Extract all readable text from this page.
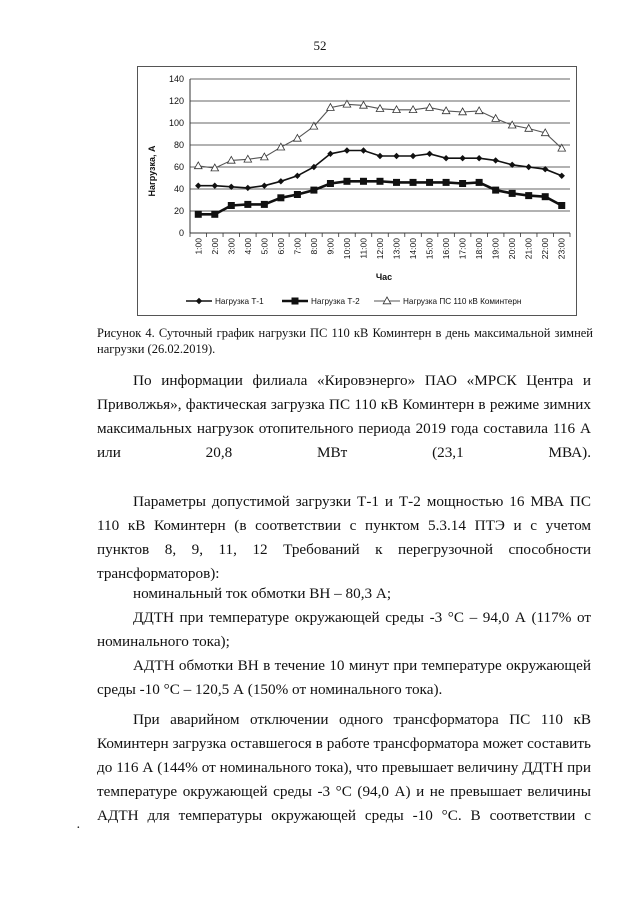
52
0
20
40
60
80
100
120
140
1:00 2:00 3:00 4:00 5:00 6:00 7:00 8:00 9:00 10:00 11:00 12:00 13:00 14:00 15:00 16:00 17:00 18:00 19:00 20:00 21:00 22:00 23:00
Нагрузка, А
Час
Нагрузка Т-1	Нагрузка Т-2	Нагрузка ПС 110 кВ Коминтерн
Рисунок 4. Суточный график нагрузки ПС 110 кВ Коминтерн в день максимальной зимней нагрузки (26.02.2019).
По информации филиала «Кировэнерго» ПАО «МРСК Центра и Приволжья», фактическая загрузка ПС 110 кВ Коминтерн в режиме зимних максимальных нагрузок отопительного периода 2019 года составила 116 А или 20,8 МВт (23,1 МВА).
Параметры допустимой загрузки Т-1 и Т-2 мощностью 16 МВА ПС 110 кВ Коминтерн (в соответствии с пунктом 5.3.14 ПТЭ и с учетом пунктов 8, 9, 11, 12 Требований к перегрузочной способности трансформаторов):
номинальный ток обмотки ВН – 80,3 А;
ДДТН при температуре окружающей среды -3 °С – 94,0 А (117% от номинального тока);
АДТН обмотки ВН в течение 10 минут при температуре окружающей среды -10 °С – 120,5 А (150% от номинального тока).
При аварийном отключении одного трансформатора ПС 110 кВ Коминтерн загрузка оставшегося в работе трансформатора может составить до 116 А (144% от номинального тока), что превышает величину ДДТН при температуре окружающей среды -3 °С (94,0 А) и не превышает величины АДТН для температуры окружающей среды -10 °С. В соответствии с
·
